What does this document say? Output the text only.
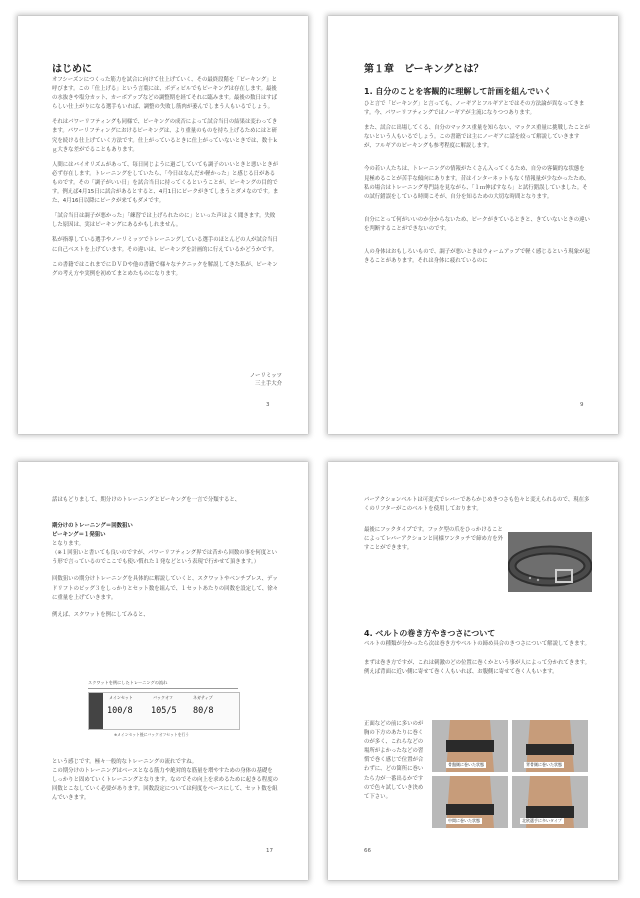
はじめに

オフシーズンにつくった筋力を試合に向けて仕上げていく、その最終段階を「ピーキング」と呼びます。この「仕上げる」という言葉には、ボディビルでもピーキングは存在します。最後の水抜きや塩分カット、カーボアップなどの調整期を経てそれに臨みます。最後の数日はすばらしい仕上がりになる選手もいれば、調整の失敗し筋肉が萎んでしまう人もいるでしょう。

それはパワーリフティングも同様で、ピーキングの成否によって試合当日の結果は変わってきます。パワーリフティングにおけるピーキングは、より重量のものを持ち上げるためにはと研究を続ける仕上げていく方法です。仕上がっているときに仕上がっていないときでは、数十ｋｇ大きな差がでることもあります。

人間にはバイオリズムがあって、毎日同じように過ごしていても調子のいいときと悪いときが必ず存在します。トレーニングをしていたら、「今日はなんだか軽かった」と感じる日があるものです。その「調子がいい日」を試合当日に持ってくるということが、ピーキングの目的です。例えば4月15日に試合があるとすると、4月1日にピークがきてしまうとダメなのです。また、4月16日以降にピークが来てもダメです。

「試合当日は調子が悪かった」「練習では上げられたのに」といった声はよく聞きます。失敗した原因は、実はピーキングにあるかもしれません。

私が指導している選手やノーリミッツでトレーニングしている選手のほとんどの人が試合当日に自己ベストを上げています。その違いは、ピーキングを計画的に行えているかどうかです。

この書籍ではこれまでにＤＶＤや他の書籍で様々なテクニックを解説してきた私が、ピーキングの考え方や実例を初めてまとめたものになります。

ノーリミッツ
三土手大介
3
第１章　ピーキングとは？
1. 自分のことを客観的に理解して計画を組んでいく

ひと言で「ピーキング」と言っても、ノーギアとフルギアとではその方法論が異なってきます。今、パワーリフティングではノーギアが主流になりつつあります。

また、試合に出場してくる、自分のマックス重量を知らない、マックス重量に挑戦したことがないという人もいるでしょう。この書籍では主にノーギアに話を絞って解説していきますが、フルギアのピーキングも参考程度に解説します。

今の若い人たちは、トレーニングの情報がたくさん入ってくるため、自分の客観的な状態を見極めることが苦手な傾向にあります。昔はインターネットもなく情報量が少なかったため、私の場合はトレーニング専門誌を見ながら、「１ｍ伸ばすなら」と試行錯誤していました。その試行錯誤をしている時間こそが、自分を知るための大切な時間となります。

自分にとって何がいいのか分からないため、ピークがきているときと、きていないときの違いを判断することができないのです。

人の身体はおもしろいもので、調子が悪いときはウォームアップで軽く感じるという現象が起きることがあります。それは身体に疲れているのに

9

話はもどりまして、期分けのトレーニングとピーキングを一言で分類すると、

期分けのトレーニング＝回数狙い
ピーキング＝１発狙い

となります。

（※１回狙いと書いても良いのですが、パワーリフティング界では昔から回数の事を何度という形で言っているのでここでも使い慣れた１発などという表現で行かせて頂きます。）

回数狙いの期分けトレーニングを具体的に解説していくと、スクワットやベンチプレス、デッドリフトのビッグ３をしっかりとセット数を組んで、１セットあたりの回数を設定して、徐々に重量を上げていきます。

例えば、スクワットを例にしてみると、

スクワットを例にしたトレーニングの流れ
メインセット	バックオフ	ネガティブ
100/8 105/5 80/8
※メインセット後にバックオフセットを行う

という感じです。極々一般的なトレーニングの流れですね。

この期分けのトレーニングはベースとなる筋力や絶対的な筋量を増やすための身体の基礎をしっかりと固めていくトレーニングとなります。なのでその向上を求めるために起きる程度の回数とこなしていく必要があります。回数設定については何度をベースにして、セット数を組んでいきます。

17

パーアクションベルトは可変式でレバーであらかじめきつさも色々と変えられるので、現在多くのリフターがこのベルトを使用しております。

最後にフックタイプです。フック型の爪をひっかけることによってレバーアクションと同様ワンタッチで締め方を外すことができます。

4. ベルトの巻き方やきつさについて

ベルトの種類が分かったら次は巻き方やベルトの締め具合のきつさについて解説してきます。

まずは巻き方ですが、これは刺激のどの位置に巻くかという事が人によって分かれてきます。例えば背面に近い側に寄せて巻く人もいれば、お腹側に寄せて巻く人もいます。

正面などの前に多いのが胸の下方のあたりに巻くのが多く、これらなどの場所がよかったなどの習慣で巻く感じで位置が合わずに、どの箇所に巻いたら力が一番出るかですので色々試していき決めて下さい。
骨盤側に巻いた状態	背骨側に巻いた状態
中間に巻いた状態	北欧選手に多いタイプ
66
